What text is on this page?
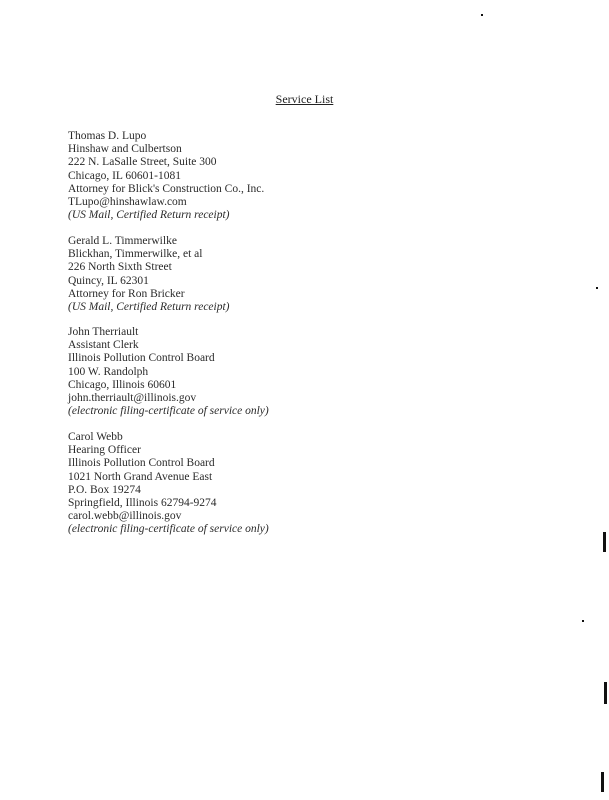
Service List
Thomas D. Lupo
Hinshaw and Culbertson
222 N. LaSalle Street, Suite 300
Chicago, IL 60601-1081
Attorney for Blick's Construction Co., Inc.
TLupo@hinshawlaw.com
(US Mail, Certified Return receipt)
Gerald L. Timmerwilke
Blickhan, Timmerwilke, et al
226 North Sixth Street
Quincy, IL 62301
Attorney for Ron Bricker
(US Mail, Certified Return receipt)
John Therriault
Assistant Clerk
Illinois Pollution Control Board
100 W. Randolph
Chicago, Illinois 60601
john.therriault@illinois.gov
(electronic filing-certificate of service only)
Carol Webb
Hearing Officer
Illinois Pollution Control Board
1021 North Grand Avenue East
P.O. Box 19274
Springfield, Illinois 62794-9274
carol.webb@illinois.gov
(electronic filing-certificate of service only)
